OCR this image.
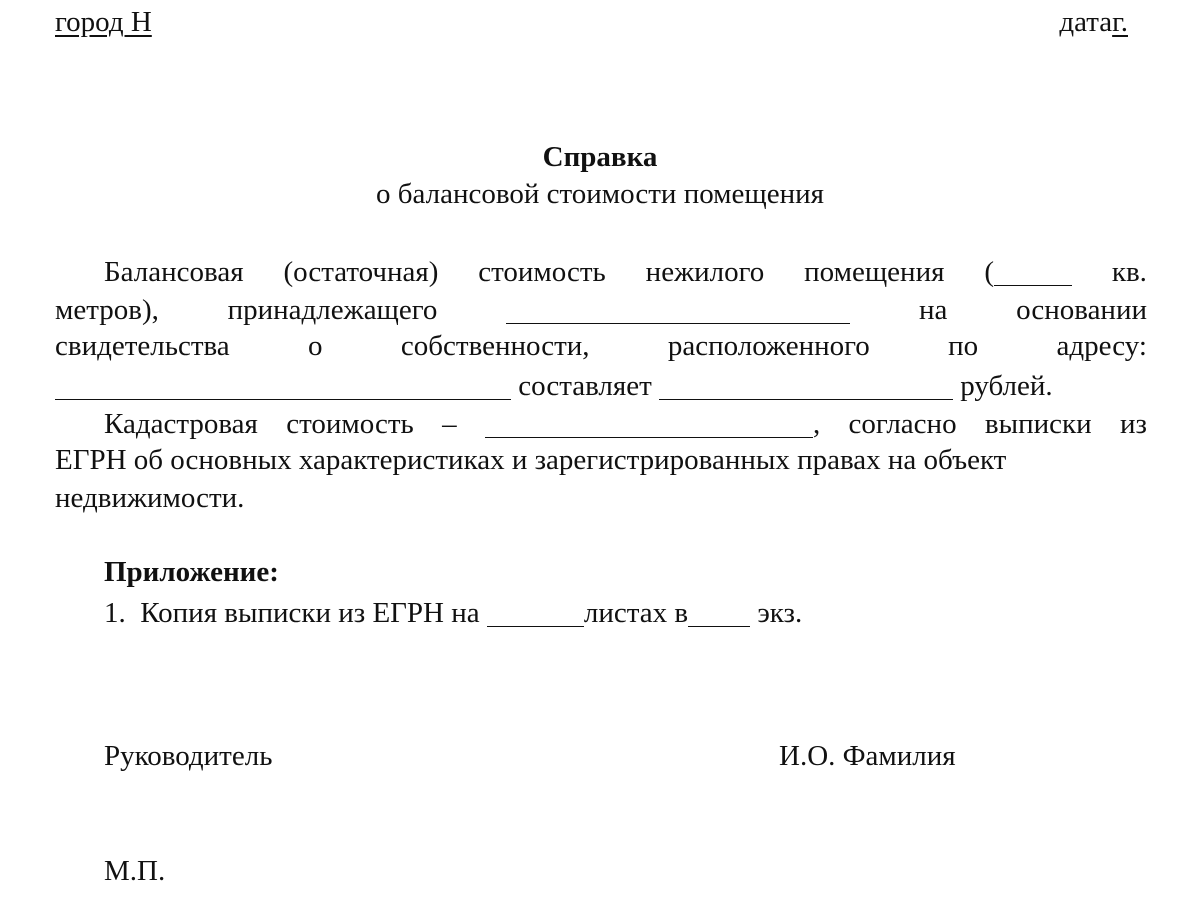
город Н	датаг.
Справка
о балансовой стоимости помещения
Балансовая (остаточная) стоимость нежилого помещения (	кв.
метров), принадлежащего	на основании
свидетельства	о	собственности,	расположенного	по	адресу:
составляет	рублей.
Кадастровая стоимость –	, согласно выписки из
ЕГРН об основных характеристиках и зарегистрированных правах на объект
недвижимости.
Приложение:
1. Копия выписки из ЕГРН на	листах в экз.
Руководитель	И.О. Фамилия
М.П.
